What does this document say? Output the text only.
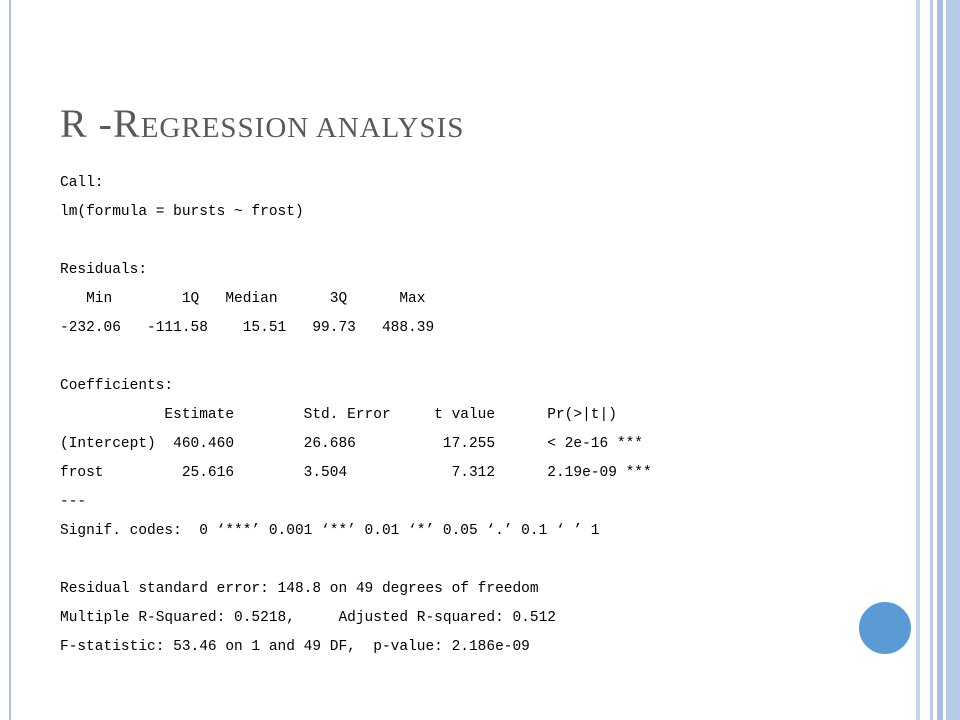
R -REGRESSION ANALYSIS
Call:
lm(formula = bursts ~ frost)
Residuals:
Min        1Q   Median      3Q      Max
-232.06   -111.58    15.51   99.73   488.39
Coefficients:
Estimate        Std. Error     t value      Pr(>|t|)
(Intercept)  460.460        26.686          17.255      < 2e-16 ***
frost         25.616        3.504            7.312      2.19e-09 ***
---
Signif. codes:  0 ‘***’ 0.001 ‘**’ 0.01 ‘*’ 0.05 ‘.’ 0.1 ‘ ’ 1
Residual standard error: 148.8 on 49 degrees of freedom
Multiple R-Squared: 0.5218,     Adjusted R-squared: 0.512
F-statistic: 53.46 on 1 and 49 DF,  p-value: 2.186e-09
